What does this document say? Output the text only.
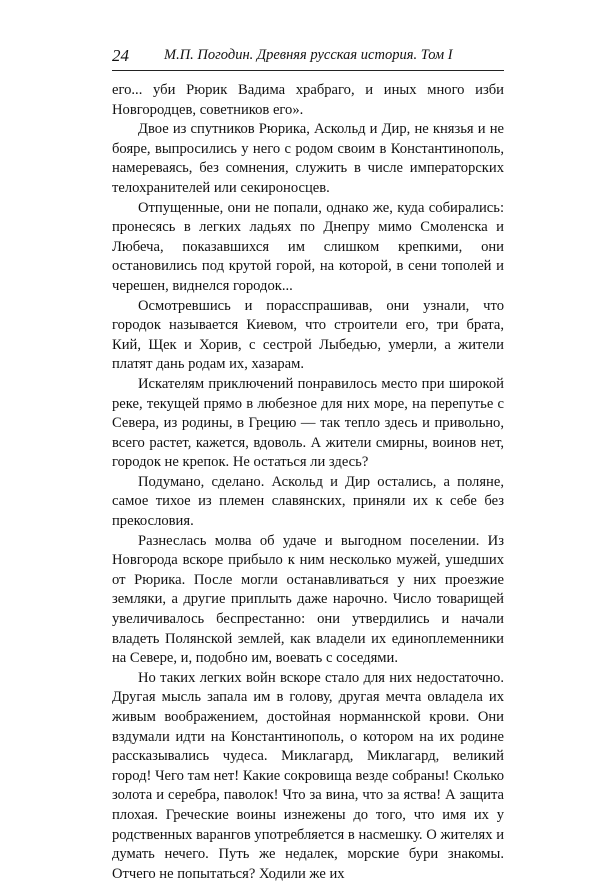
24 М.П. Погодин. Древняя русская история. Том I

его... уби Рюрик Вадима храбраго, и иных много изби Новгородцев, советников его».

Двое из спутников Рюрика, Аскольд и Дир, не князья и не бояре, выпросились у него с родом своим в Константинополь, намереваясь, без сомнения, служить в числе императорских телохранителей или секироносцев.

Отпущенные, они не попали, однако же, куда собирались: пронесясь в легких ладьях по Днепру мимо Смоленска и Любеча, показавшихся им слишком крепкими, они остановились под крутой горой, на которой, в сени тополей и черешен, виднелся городок...

Осмотревшись и порасспрашивав, они узнали, что городок называется Киевом, что строители его, три брата, Кий, Щек и Хорив, с сестрой Лыбедью, умерли, а жители платят дань родам их, хазарам.

Искателям приключений понравилось место при широкой реке, текущей прямо в любезное для них море, на перепутье с Севера, из родины, в Грецию — так тепло здесь и привольно, всего растет, кажется, вдоволь. А жители смирны, воинов нет, городок не крепок. Не остаться ли здесь?

Подумано, сделано. Аскольд и Дир остались, а поляне, самое тихое из племен славянских, приняли их к себе без прекословия.

Разнеслась молва об удаче и выгодном поселении. Из Новгорода вскоре прибыло к ним несколько мужей, ушедших от Рюрика. После могли останавливаться у них проезжие земляки, а другие приплыть даже нарочно. Число товарищей увеличивалось беспрестанно: они утвердились и начали владеть Полянской землей, как владели их единоплеменники на Севере, и, подобно им, воевать с соседями.

Но таких легких войн вскоре стало для них недостаточно. Другая мысль запала им в голову, другая мечта овладела их живым воображением, достойная норманнской крови. Они вздумали идти на Константинополь, о котором на их родине рассказывались чудеса. Миклагард, Миклагард, великий город! Чего там нет! Какие сокровища везде собраны! Сколько золота и серебра, паволок! Что за вина, что за яства! А защита плохая. Греческие воины изнежены до того, что имя их у родственных варангов употребляется в насмешку. О жителях и думать нечего. Путь же недалек, морские бури знакомы. Отчего не попытаться? Ходили же их
